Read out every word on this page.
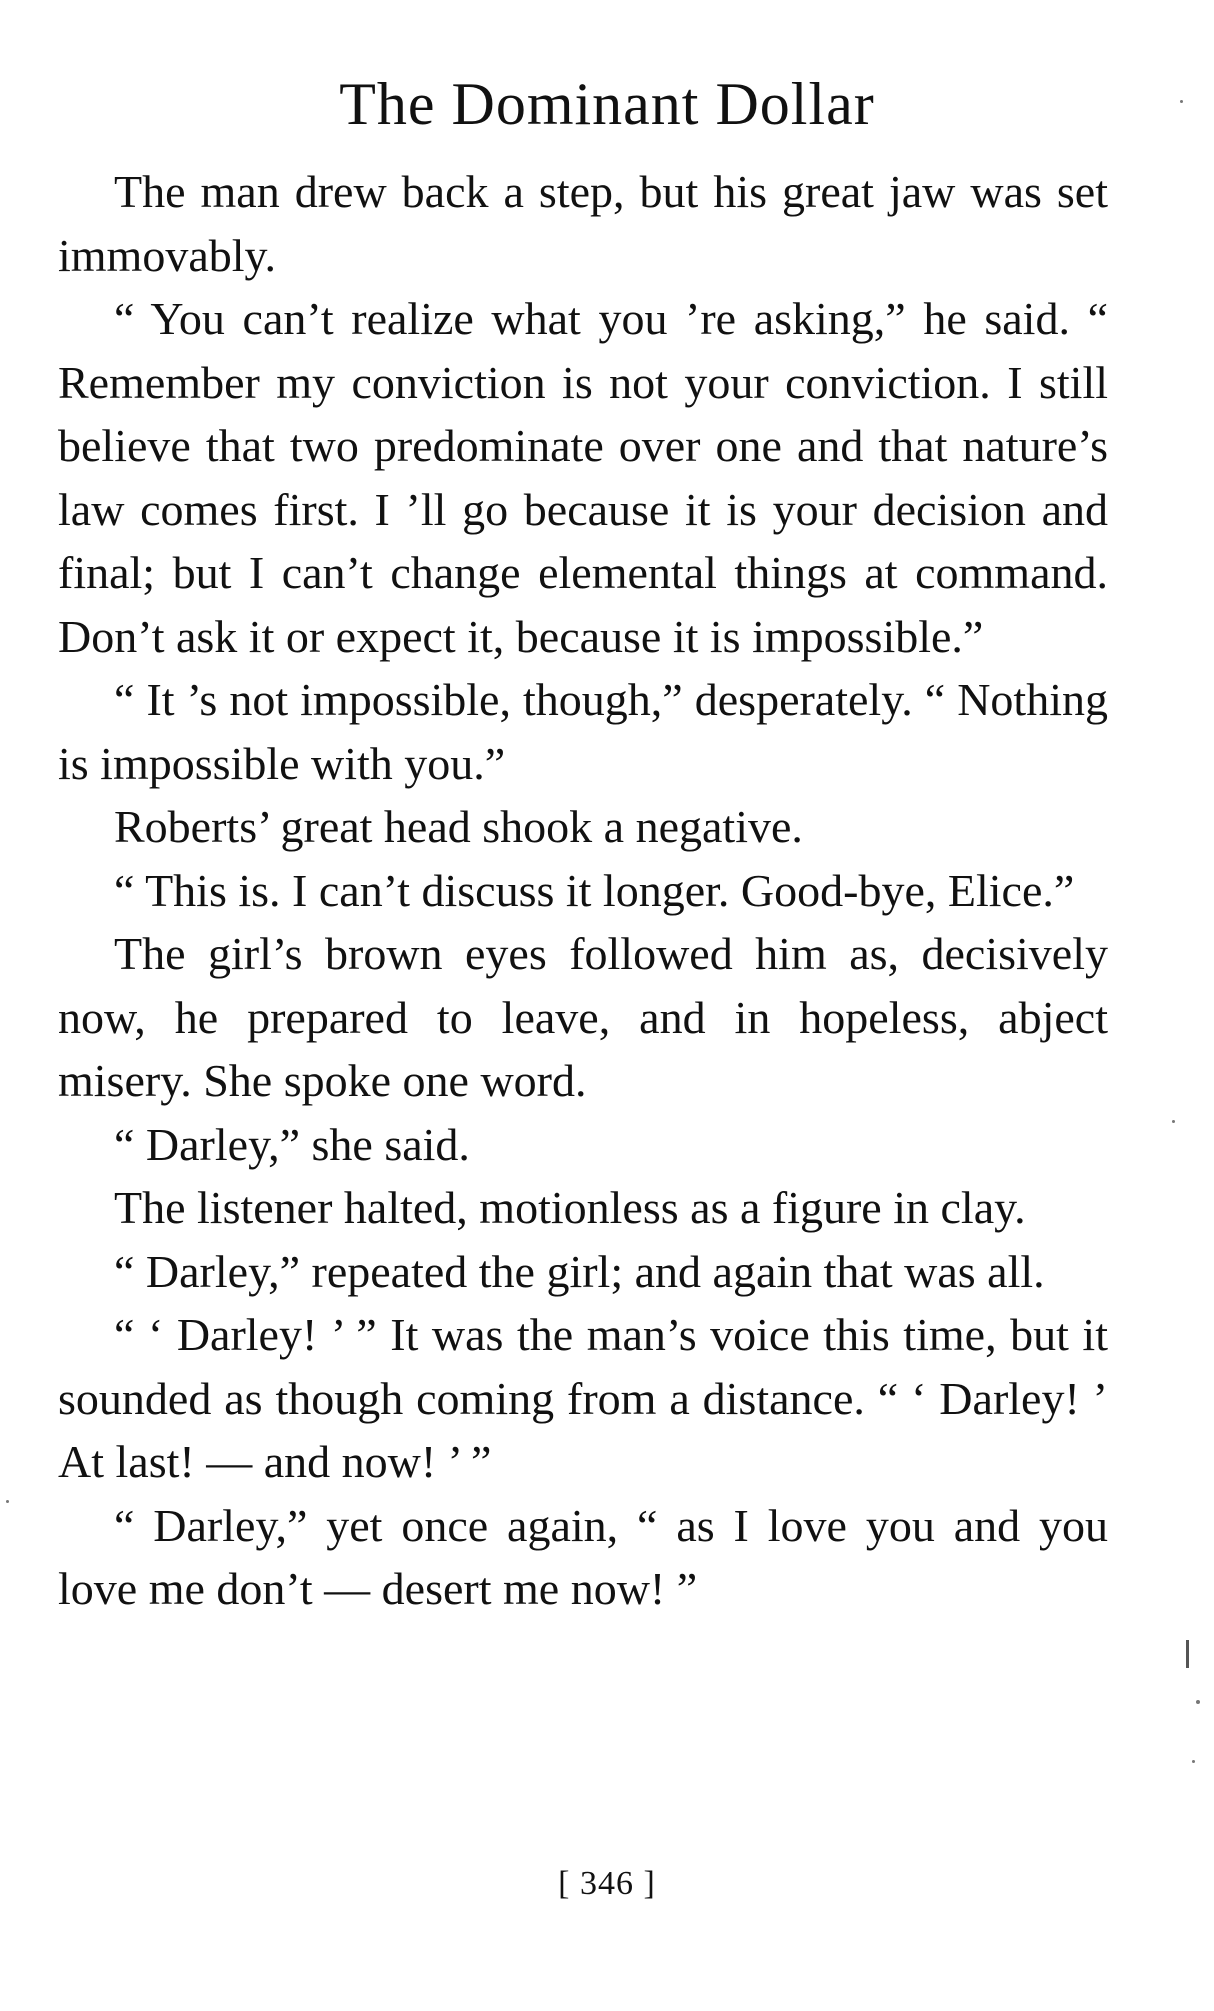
The Dominant Dollar

The man drew back a step, but his great jaw was set immovably.

“ You can’t realize what you ’re asking,” he said. “ Remember my conviction is not your conviction. I still believe that two predominate over one and that nature’s law comes first. I ’ll go because it is your decision and final; but I can’t change elemental things at command. Don’t ask it or expect it, because it is impossible.”

“ It ’s not impossible, though,” desperately. “ Nothing is impossible with you.”

Roberts’ great head shook a negative.

“ This is. I can’t discuss it longer. Good-bye, Elice.”

The girl’s brown eyes followed him as, decisively now, he prepared to leave, and in hopeless, abject misery. She spoke one word.

“ Darley,” she said.

The listener halted, motionless as a figure in clay.

“ Darley,” repeated the girl; and again that was all.

“ ‘ Darley! ’ ” It was the man’s voice this time, but it sounded as though coming from a distance. “ ‘ Darley! ’ At last! — and now! ’ ”

“ Darley,” yet once again, “ as I love you and you love me don’t — desert me now! ”

[ 346 ]
